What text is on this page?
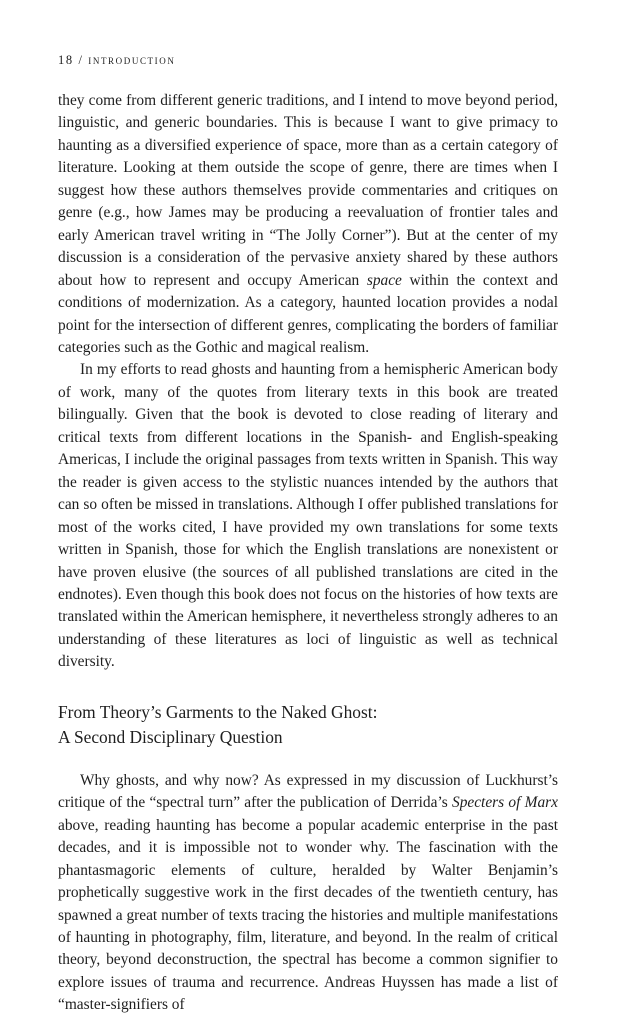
18 / introduction

they come from different generic traditions, and I intend to move beyond period, linguistic, and generic boundaries. This is because I want to give primacy to haunting as a diversified experience of space, more than as a certain category of literature. Looking at them outside the scope of genre, there are times when I suggest how these authors themselves provide commentaries and critiques on genre (e.g., how James may be producing a reevaluation of frontier tales and early American travel writing in “The Jolly Corner”). But at the center of my discussion is a consideration of the pervasive anxiety shared by these authors about how to represent and occupy American space within the context and conditions of modernization. As a category, haunted location provides a nodal point for the intersection of different genres, complicating the borders of familiar categories such as the Gothic and magical realism.

In my efforts to read ghosts and haunting from a hemispheric American body of work, many of the quotes from literary texts in this book are treated bilingually. Given that the book is devoted to close reading of literary and critical texts from different locations in the Spanish- and English-speaking Americas, I include the original passages from texts written in Spanish. This way the reader is given access to the stylistic nuances intended by the authors that can so often be missed in translations. Although I offer published translations for most of the works cited, I have provided my own translations for some texts written in Spanish, those for which the English translations are nonexistent or have proven elusive (the sources of all published translations are cited in the endnotes). Even though this book does not focus on the histories of how texts are translated within the American hemisphere, it nevertheless strongly adheres to an understanding of these literatures as loci of linguistic as well as technical diversity.

From Theory’s Garments to the Naked Ghost:
A Second Disciplinary Question

Why ghosts, and why now? As expressed in my discussion of Luckhurst’s critique of the “spectral turn” after the publication of Derrida’s Specters of Marx above, reading haunting has become a popular academic enterprise in the past decades, and it is impossible not to wonder why. The fascination with the phantasmagoric elements of culture, heralded by Walter Benjamin’s prophetically suggestive work in the first decades of the twentieth century, has spawned a great number of texts tracing the histories and multiple manifestations of haunting in photography, film, literature, and beyond. In the realm of critical theory, beyond deconstruction, the spectral has become a common signifier to explore issues of trauma and recurrence. Andreas Huyssen has made a list of “master-signifiers of
